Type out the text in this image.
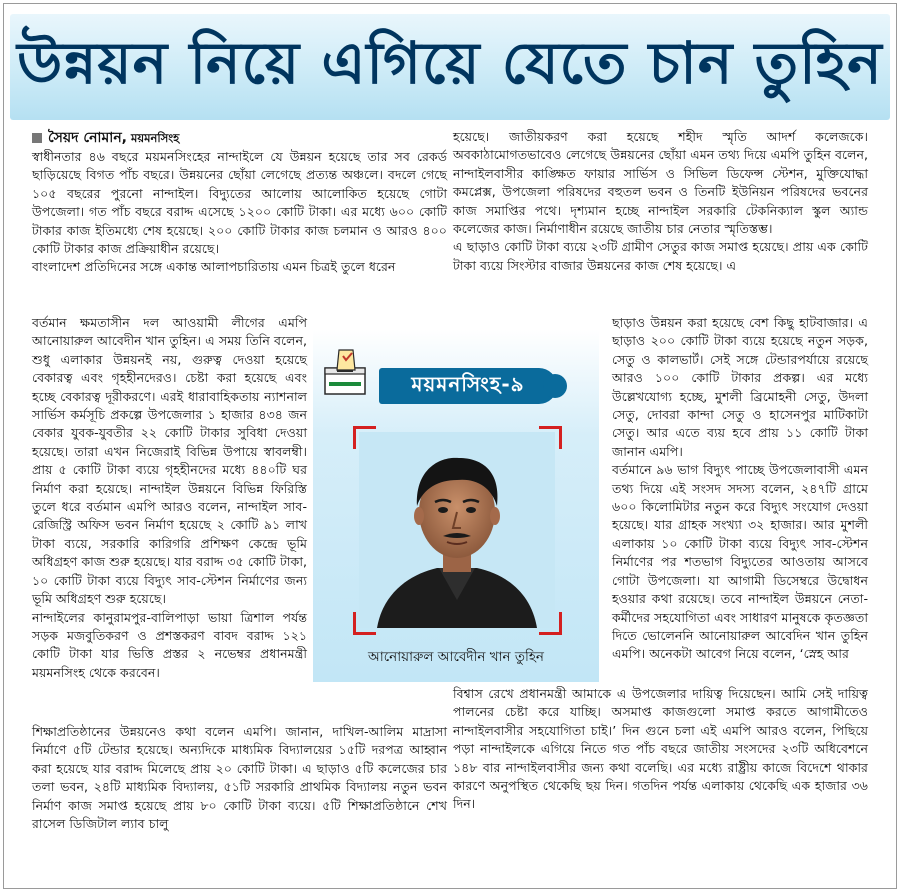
উন্নয়ন নিয়ে এগিয়ে যেতে চান তুহিন
সৈয়দ নোমান, ময়মনসিংহ

স্বাধীনতার ৪৬ বছরে ময়মনসিংহের নান্দাইলে যে উন্নয়ন হয়েছে তার সব রেকর্ড ছাড়িয়েছে বিগত পাঁচ বছরে। উন্নয়নের ছোঁয়া লেগেছে প্রত্যন্ত অঞ্চলে। বদলে গেছে ১০৫ বছরের পুরনো নান্দাইল। বিদ্যুতের আলোয় আলোকিত হয়েছে গোটা উপজেলা। গত পাঁচ বছরে বরাদ্দ এসেছে ১২০০ কোটি টাকা। এর মধ্যে ৬০০ কোটি টাকার কাজ ইতিমধ্যে শেষ হয়েছে। ২০০ কোটি টাকার কাজ চলমান ও আরও ৪০০ কোটি টাকার কাজ প্রক্রিয়াধীন রয়েছে।

বাংলাদেশ প্রতিদিনের সঙ্গে একান্ত আলাপচারিতায় এমন চিত্রই তুলে ধরেন

বর্তমান ক্ষমতাসীন দল আওয়ামী লীগের এমপি আনোয়ারুল আবেদীন খান তুহিন। এ সময় তিনি বলেন, শুধু এলাকার উন্নয়নই নয়, গুরুত্ব দেওয়া হয়েছে বেকারত্ব এবং গৃহহীনদেরও। চেষ্টা করা হয়েছে এবং হচ্ছে বেকারত্ব দূরীকরণে। এরই ধারাবাহিকতায় ন্যাশনাল সার্ভিস কর্মসূচি প্রকল্পে উপজেলার ১ হাজার ৪৩৪ জন বেকার যুবক-যুবতীর ২২ কোটি টাকার সুবিধা দেওয়া হয়েছে। তারা এখন নিজেরাই বিভিন্ন উপায়ে স্বাবলম্বী। প্রায় ৫ কোটি টাকা ব্যয়ে গৃহহীনদের মধ্যে ৪৪০টি ঘর নির্মাণ করা হয়েছে। নান্দাইল উন্নয়নে বিভিন্ন ফিরিস্তি তুলে ধরে বর্তমান এমপি আরও বলেন, নান্দাইল সাব-রেজিস্ট্রি অফিস ভবন নির্মাণ হয়েছে ২ কোটি ৯১ লাখ টাকা ব্যয়ে, সরকারি কারিগরি প্রশিক্ষণ কেন্দ্রে ভূমি অধিগ্রহণ কাজ শুরু হয়েছে। যার বরাদ্দ ৩৫ কোটি টাকা, ১০ কোটি টাকা ব্যয়ে বিদ্যুৎ সাব-স্টেশন নির্মাণের জন্য ভূমি অধিগ্রহণ শুরু হয়েছে।

নান্দাইলের কানুরামপুর-বালিপাড়া ভায়া ত্রিশাল পর্যন্ত সড়ক মজবুতিকরণ ও প্রশস্তকরণ বাবদ বরাদ্দ ১২১ কোটি টাকা যার ভিত্তি প্রস্তর ২ নভেম্বর প্রধানমন্ত্রী ময়মনসিংহ থেকে করবেন।

শিক্ষাপ্রতিষ্ঠানের উন্নয়নেও কথা বলেন এমপি। জানান, দাখিল-আলিম মাদ্রাসা নির্মাণে ৫টি টেন্ডার হয়েছে। অন্যদিকে মাধ্যমিক বিদ্যালয়ের ১৫টি দরপত্র আহ্বান করা হয়েছে যার বরাদ্দ মিলেছে প্রায় ২০ কোটি টাকা। এ ছাড়াও ৫টি কলেজের চার তলা ভবন, ২৪টি মাধ্যমিক বিদ্যালয়, ৫১টি সরকারি প্রাথমিক বিদ্যালয় নতুন ভবন নির্মাণ কাজ সমাপ্ত হয়েছে প্রায় ৮০ কোটি টাকা ব্যয়ে। ৫টি শিক্ষাপ্রতিষ্ঠানে শেখ রাসেল ডিজিটাল ল্যাব চালু

হয়েছে। জাতীয়করণ করা হয়েছে শহীদ স্মৃতি আদর্শ কলেজকে। অবকাঠামোগতভাবেও লেগেছে উন্নয়নের ছোঁয়া এমন তথ্য দিয়ে এমপি তুহিন বলেন, নান্দাইলবাসীর কাঙ্ক্ষিত ফায়ার সার্ভিস ও সিভিল ডিফেন্স স্টেশন, মুক্তিযোদ্ধা কমপ্লেক্স, উপজেলা পরিষদের বহুতল ভবন ও তিনটি ইউনিয়ন পরিষদের ভবনের কাজ সমাপ্তির পথে। দৃশ্যমান হচ্ছে নান্দাইল সরকারি টেকনিক্যাল স্কুল অ্যান্ড কলেজের কাজ। নির্মাণাধীন রয়েছে জাতীয় চার নেতার স্মৃতিস্তম্ভ।

এ ছাড়াও কোটি টাকা ব্যয়ে ২৩টি গ্রামীণ সেতুর কাজ সমাপ্ত হয়েছে। প্রায় এক কোটি টাকা ব্যয়ে সিংস্টার বাজার উন্নয়নের কাজ শেষ হয়েছে। এ

ছাড়াও উন্নয়ন করা হয়েছে বেশ কিছু হাটবাজার। এ ছাড়াও ২০০ কোটি টাকা ব্যয়ে হয়েছে নতুন সড়ক, সেতু ও কালভার্ট। সেই সঙ্গে টেন্ডারপর্যায়ে রয়েছে আরও ১০০ কোটি টাকার প্রকল্প। এর মধ্যে উল্লেখযোগ্য হচ্ছে, মুশলী ব্রিমোহনী সেতু, উদলা সেতু, দোবরা কান্দা সেতু ও হাসেনপুর মাটিকাটা সেতু। আর এতে ব্যয় হবে প্রায় ১১ কোটি টাকা জানান এমপি।

বর্তমানে ৯৬ ভাগ বিদ্যুৎ পাচ্ছে উপজেলাবাসী এমন তথ্য দিয়ে এই সংসদ সদস্য বলেন, ২৪৭টি গ্রামে ৬০০ কিলোমিটার নতুন করে বিদ্যুৎ সংযোগ দেওয়া হয়েছে। যার গ্রাহক সংখ্যা ৩২ হাজার। আর মুশলী এলাকায় ১০ কোটি টাকা ব্যয়ে বিদ্যুৎ সাব-স্টেশন নির্মাণের পর শতভাগ বিদ্যুতের আওতায় আসবে গোটা উপজেলা। যা আগামী ডিসেম্বরে উদ্বোধন হওয়ার কথা রয়েছে। তবে নান্দাইল উন্নয়নে নেতা-কর্মীদের সহযোগিতা এবং সাধারণ মানুষকে কৃতজ্ঞতা দিতে ভোলেননি আনোয়ারুল আবেদিন খান তুহিন এমপি। অনেকটা আবেগ নিয়ে বলেন, ‘স্নেহ আর

বিশ্বাস রেখে প্রধানমন্ত্রী আমাকে এ উপজেলার দায়িত্ব দিয়েছেন। আমি সেই দায়িত্ব পালনের চেষ্টা করে যাচ্ছি। অসমাপ্ত কাজগুলো সমাপ্ত করতে আগামীতেও নান্দাইলবাসীর সহযোগিতা চাই।’ দিন গুনে চলা এই এমপি আরও বলেন, পিছিয়ে পড়া নান্দাইলকে এগিয়ে নিতে গত পাঁচ বছরে জাতীয় সংসদের ২৩টি অধিবেশনে ১৪৮ বার নান্দাইলবাসীর জন্য কথা বলেছি। এর মধ্যে রাষ্ট্রীয় কাজে বিদেশে থাকার কারণে অনুপস্থিত থেকেছি ছয় দিন। গতদিন পর্যন্ত এলাকায় থেকেছি এক হাজার ৩৬ দিন।

ময়মনসিংহ-৯
আনোয়ারুল আবেদীন খান তুহিন
